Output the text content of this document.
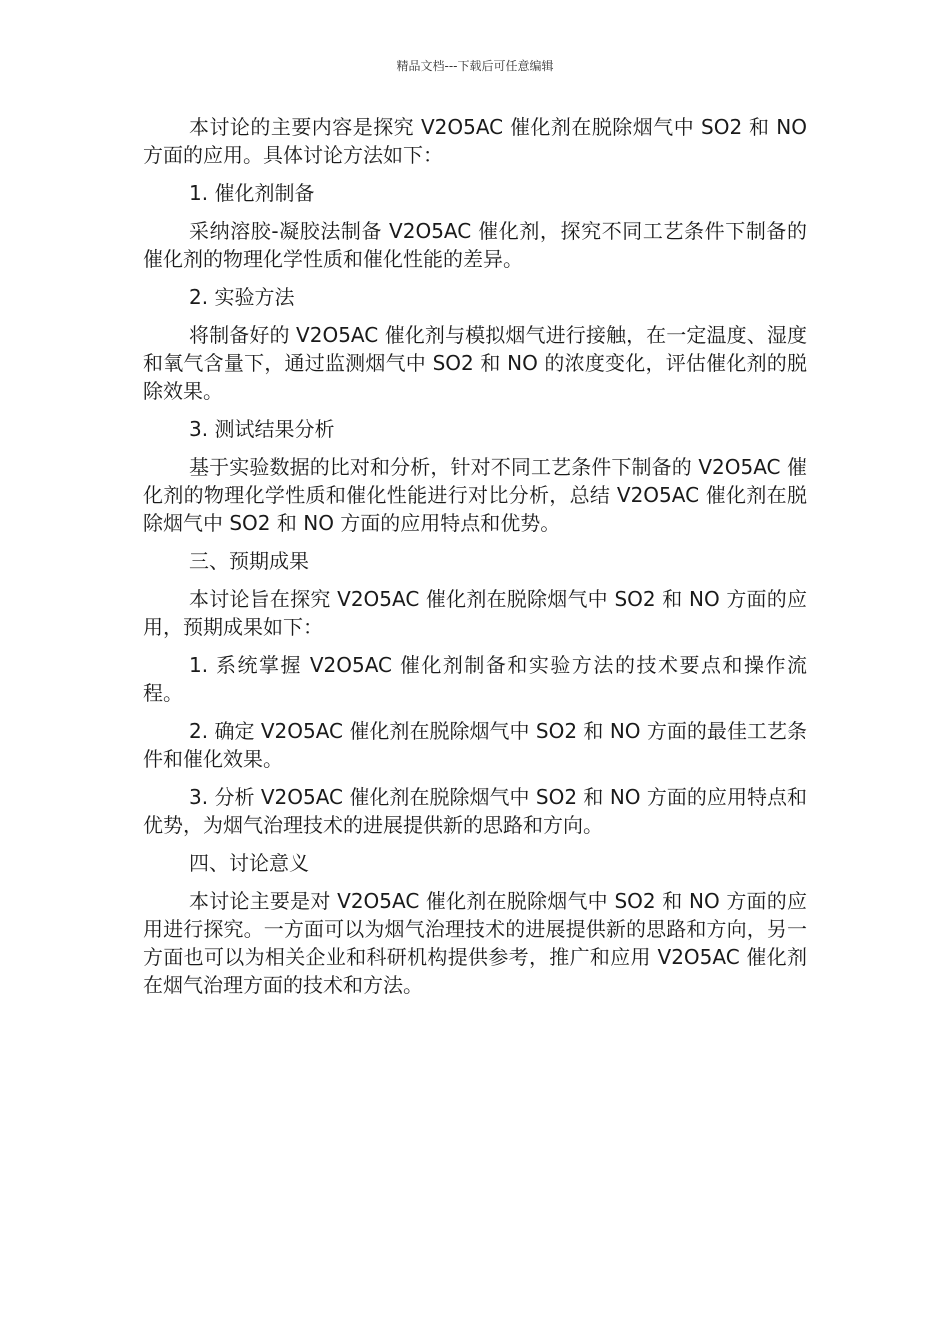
精品文档---下载后可任意编辑

本讨论的主要内容是探究 V2O5AC 催化剂在脱除烟气中 SO2 和 NO 方面的应用。具体讨论方法如下：

1. 催化剂制备

采纳溶胶-凝胶法制备 V2O5AC 催化剂，探究不同工艺条件下制备的催化剂的物理化学性质和催化性能的差异。

2. 实验方法

将制备好的 V2O5AC 催化剂与模拟烟气进行接触，在一定温度、湿度和氧气含量下，通过监测烟气中 SO2 和 NO 的浓度变化，评估催化剂的脱除效果。

3. 测试结果分析

基于实验数据的比对和分析，针对不同工艺条件下制备的 V2O5AC 催化剂的物理化学性质和催化性能进行对比分析，总结 V2O5AC 催化剂在脱除烟气中 SO2 和 NO 方面的应用特点和优势。

三、预期成果

本讨论旨在探究 V2O5AC 催化剂在脱除烟气中 SO2 和 NO 方面的应用，预期成果如下：

1. 系统掌握 V2O5AC 催化剂制备和实验方法的技术要点和操作流程。

2. 确定 V2O5AC 催化剂在脱除烟气中 SO2 和 NO 方面的最佳工艺条件和催化效果。

3. 分析 V2O5AC 催化剂在脱除烟气中 SO2 和 NO 方面的应用特点和优势，为烟气治理技术的进展提供新的思路和方向。

四、讨论意义

本讨论主要是对 V2O5AC 催化剂在脱除烟气中 SO2 和 NO 方面的应用进行探究。一方面可以为烟气治理技术的进展提供新的思路和方向，另一方面也可以为相关企业和科研机构提供参考，推广和应用 V2O5AC 催化剂在烟气治理方面的技术和方法。
